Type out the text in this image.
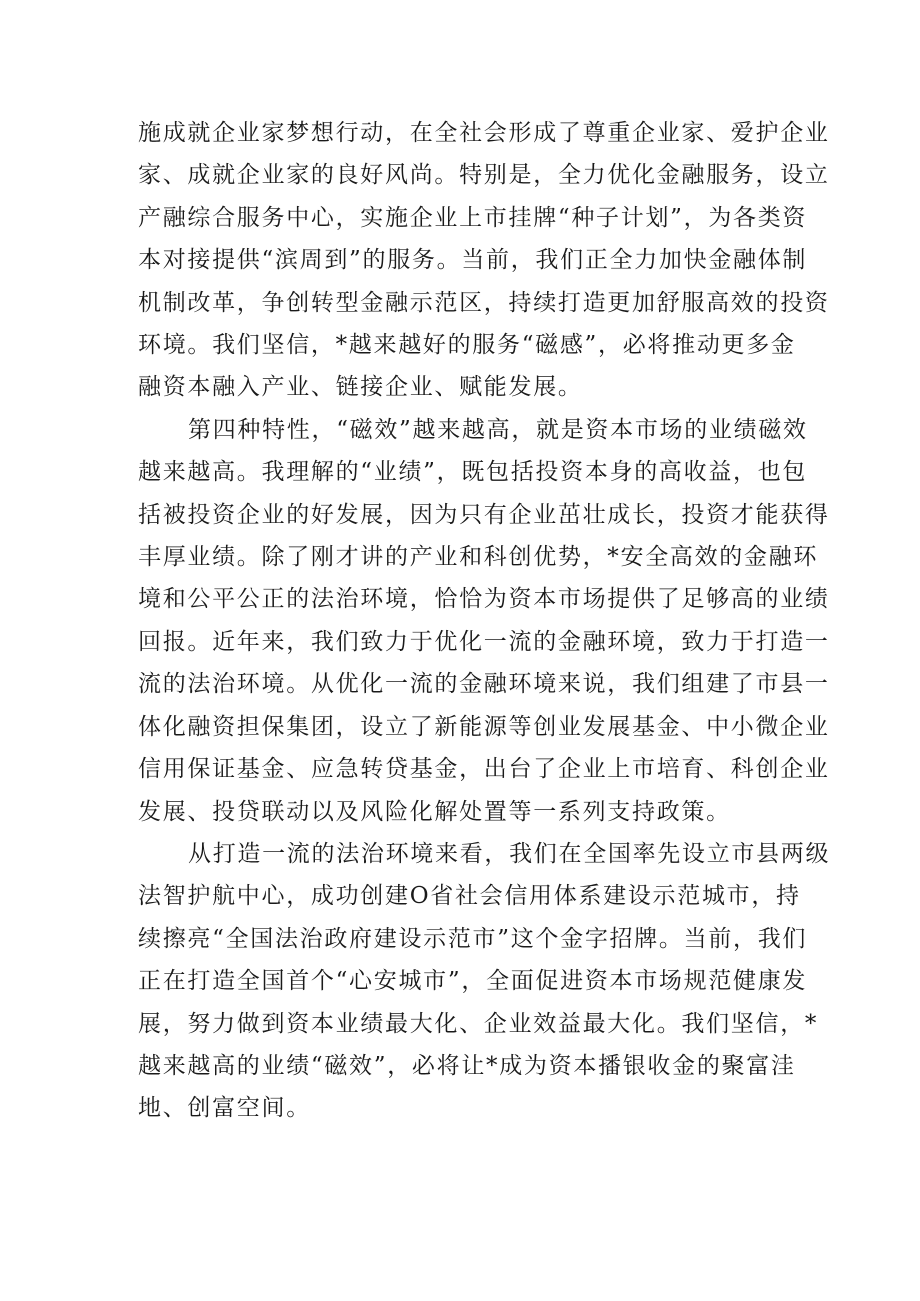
施成就企业家梦想行动，在全社会形成了尊重企业家、爱护企业
家、成就企业家的良好风尚。特别是，全力优化金融服务，设立
产融综合服务中心，实施企业上市挂牌“种子计划”，为各类资
本对接提供“滨周到”的服务。当前，我们正全力加快金融体制
机制改革，争创转型金融示范区，持续打造更加舒服高效的投资
环境。我们坚信，*越来越好的服务“磁感”，必将推动更多金
融资本融入产业、链接企业、赋能发展。

第四种特性，“磁效”越来越高，就是资本市场的业绩磁效
越来越高。我理解的“业绩”，既包括投资本身的高收益，也包
括被投资企业的好发展，因为只有企业茁壮成长，投资才能获得
丰厚业绩。除了刚才讲的产业和科创优势，*安全高效的金融环
境和公平公正的法治环境，恰恰为资本市场提供了足够高的业绩
回报。近年来，我们致力于优化一流的金融环境，致力于打造一
流的法治环境。从优化一流的金融环境来说，我们组建了市县一
体化融资担保集团，设立了新能源等创业发展基金、中小微企业
信用保证基金、应急转贷基金，出台了企业上市培育、科创企业
发展、投贷联动以及风险化解处置等一系列支持政策。

从打造一流的法治环境来看，我们在全国率先设立市县两级
法智护航中心，成功创建O省社会信用体系建设示范城市，持
续擦亮“全国法治政府建设示范市”这个金字招牌。当前，我们
正在打造全国首个“心安城市”，全面促进资本市场规范健康发
展，努力做到资本业绩最大化、企业效益最大化。我们坚信，*
越来越高的业绩“磁效”，必将让*成为资本播银收金的聚富洼
地、创富空间。
